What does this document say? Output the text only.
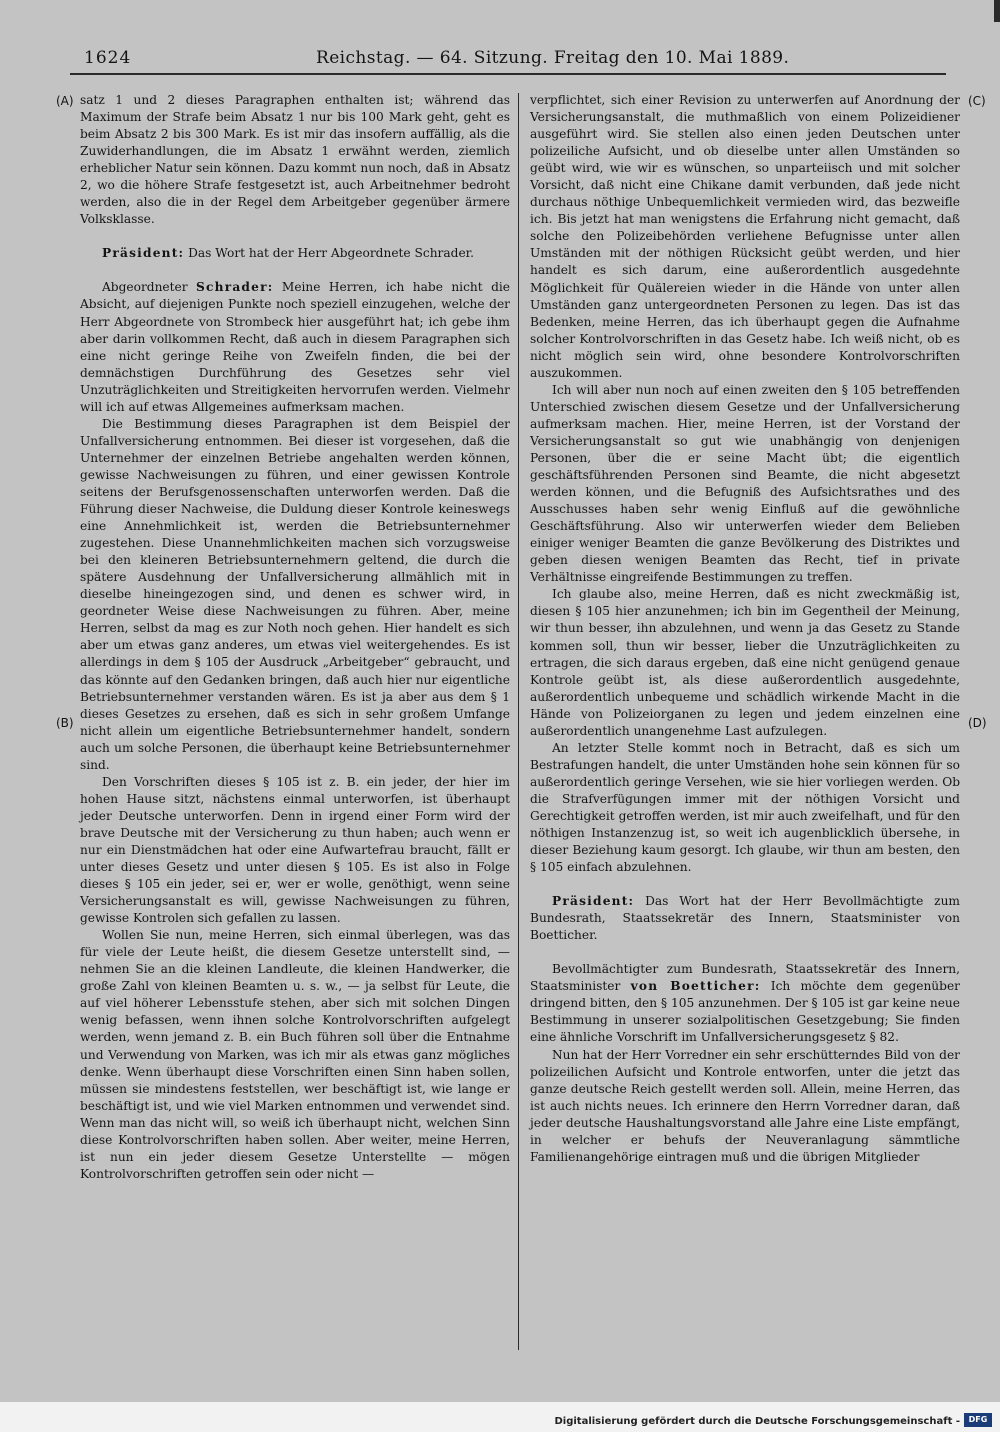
1624	Reichstag. — 64. Sitzung. Freitag den 10. Mai 1889.
(A)
(B)
(C)
(D)

satz 1 und 2 dieses Paragraphen enthalten ist; während das Maximum der Strafe beim Absatz 1 nur bis 100 Mark geht, geht es beim Absatz 2 bis 300 Mark. Es ist mir das insofern auffällig, als die Zuwiderhandlungen, die im Absatz 1 erwähnt werden, ziemlich erheblicher Natur sein können. Dazu kommt nun noch, daß in Absatz 2, wo die höhere Strafe festgesetzt ist, auch Arbeitnehmer bedroht werden, also die in der Regel dem Arbeitgeber gegenüber ärmere Volksklasse.

Präsident: Das Wort hat der Herr Abgeordnete Schrader.

Abgeordneter Schrader: Meine Herren, ich habe nicht die Absicht, auf diejenigen Punkte noch speziell einzugehen, welche der Herr Abgeordnete von Strombeck hier ausgeführt hat; ich gebe ihm aber darin vollkommen Recht, daß auch in diesem Paragraphen sich eine nicht geringe Reihe von Zweifeln finden, die bei der demnächstigen Durchführung des Gesetzes sehr viel Unzuträglichkeiten und Streitigkeiten hervorrufen werden. Vielmehr will ich auf etwas Allgemeines aufmerksam machen.

Die Bestimmung dieses Paragraphen ist dem Beispiel der Unfallversicherung entnommen. Bei dieser ist vorgesehen, daß die Unternehmer der einzelnen Betriebe angehalten werden können, gewisse Nachweisungen zu führen, und einer gewissen Kontrole seitens der Berufsgenossenschaften unterworfen werden. Daß die Führung dieser Nachweise, die Duldung dieser Kontrole keineswegs eine Annehmlichkeit ist, werden die Betriebsunternehmer zugestehen. Diese Unannehmlichkeiten machen sich vorzugsweise bei den kleineren Betriebsunternehmern geltend, die durch die spätere Ausdehnung der Unfallversicherung allmählich mit in dieselbe hineingezogen sind, und denen es schwer wird, in geordneter Weise diese Nachweisungen zu führen. Aber, meine Herren, selbst da mag es zur Noth noch gehen. Hier handelt es sich aber um etwas ganz anderes, um etwas viel weitergehendes. Es ist allerdings in dem § 105 der Ausdruck „Arbeitgeber“ gebraucht, und das könnte auf den Gedanken bringen, daß auch hier nur eigentliche Betriebsunternehmer verstanden wären. Es ist ja aber aus dem § 1 dieses Gesetzes zu ersehen, daß es sich in sehr großem Umfange nicht allein um eigentliche Betriebsunternehmer handelt, sondern auch um solche Personen, die überhaupt keine Betriebsunternehmer sind.

Den Vorschriften dieses § 105 ist z. B. ein jeder, der hier im hohen Hause sitzt, nächstens einmal unterworfen, ist überhaupt jeder Deutsche unterworfen. Denn in irgend einer Form wird der brave Deutsche mit der Versicherung zu thun haben; auch wenn er nur ein Dienstmädchen hat oder eine Aufwartefrau braucht, fällt er unter dieses Gesetz und unter diesen § 105. Es ist also in Folge dieses § 105 ein jeder, sei er, wer er wolle, genöthigt, wenn seine Versicherungsanstalt es will, gewisse Nachweisungen zu führen, gewisse Kontrolen sich gefallen zu lassen.

Wollen Sie nun, meine Herren, sich einmal überlegen, was das für viele der Leute heißt, die diesem Gesetze unterstellt sind, — nehmen Sie an die kleinen Landleute, die kleinen Handwerker, die große Zahl von kleinen Beamten u. s. w., — ja selbst für Leute, die auf viel höherer Lebensstufe stehen, aber sich mit solchen Dingen wenig befassen, wenn ihnen solche Kontrolvorschriften aufgelegt werden, wenn jemand z. B. ein Buch führen soll über die Entnahme und Verwendung von Marken, was ich mir als etwas ganz mögliches denke. Wenn überhaupt diese Vorschriften einen Sinn haben sollen, müssen sie mindestens feststellen, wer beschäftigt ist, wie lange er beschäftigt ist, und wie viel Marken entnommen und verwendet sind. Wenn man das nicht will, so weiß ich überhaupt nicht, welchen Sinn diese Kontrolvorschriften haben sollen. Aber weiter, meine Herren, ist nun ein jeder diesem Gesetze Unterstellte — mögen Kontrolvorschriften getroffen sein oder nicht —

verpflichtet, sich einer Revision zu unterwerfen auf Anordnung der Versicherungsanstalt, die muthmaßlich von einem Polizeidiener ausgeführt wird. Sie stellen also einen jeden Deutschen unter polizeiliche Aufsicht, und ob dieselbe unter allen Umständen so geübt wird, wie wir es wünschen, so unparteiisch und mit solcher Vorsicht, daß nicht eine Chikane damit verbunden, daß jede nicht durchaus nöthige Unbequemlichkeit vermieden wird, das bezweifle ich. Bis jetzt hat man wenigstens die Erfahrung nicht gemacht, daß solche den Polizeibehörden verliehene Befugnisse unter allen Umständen mit der nöthigen Rücksicht geübt werden, und hier handelt es sich darum, eine außerordentlich ausgedehnte Möglichkeit für Quälereien wieder in die Hände von unter allen Umständen ganz untergeordneten Personen zu legen. Das ist das Bedenken, meine Herren, das ich überhaupt gegen die Aufnahme solcher Kontrolvorschriften in das Gesetz habe. Ich weiß nicht, ob es nicht möglich sein wird, ohne besondere Kontrolvorschriften auszukommen.

Ich will aber nun noch auf einen zweiten den § 105 betreffenden Unterschied zwischen diesem Gesetze und der Unfallversicherung aufmerksam machen. Hier, meine Herren, ist der Vorstand der Versicherungsanstalt so gut wie unabhängig von denjenigen Personen, über die er seine Macht übt; die eigentlich geschäftsführenden Personen sind Beamte, die nicht abgesetzt werden können, und die Befugniß des Aufsichtsrathes und des Ausschusses haben sehr wenig Einfluß auf die gewöhnliche Geschäftsführung. Also wir unterwerfen wieder dem Belieben einiger weniger Beamten die ganze Bevölkerung des Distriktes und geben diesen wenigen Beamten das Recht, tief in private Verhältnisse eingreifende Bestimmungen zu treffen.

Ich glaube also, meine Herren, daß es nicht zweckmäßig ist, diesen § 105 hier anzunehmen; ich bin im Gegentheil der Meinung, wir thun besser, ihn abzulehnen, und wenn ja das Gesetz zu Stande kommen soll, thun wir besser, lieber die Unzuträglichkeiten zu ertragen, die sich daraus ergeben, daß eine nicht genügend genaue Kontrole geübt ist, als diese außerordentlich ausgedehnte, außerordentlich unbequeme und schädlich wirkende Macht in die Hände von Polizeiorganen zu legen und jedem einzelnen eine außerordentlich unangenehme Last aufzulegen.

An letzter Stelle kommt noch in Betracht, daß es sich um Bestrafungen handelt, die unter Umständen hohe sein können für so außerordentlich geringe Versehen, wie sie hier vorliegen werden. Ob die Strafverfügungen immer mit der nöthigen Vorsicht und Gerechtigkeit getroffen werden, ist mir auch zweifelhaft, und für den nöthigen Instanzenzug ist, so weit ich augenblicklich übersehe, in dieser Beziehung kaum gesorgt. Ich glaube, wir thun am besten, den § 105 einfach abzulehnen.

Präsident: Das Wort hat der Herr Bevollmächtigte zum Bundesrath, Staatssekretär des Innern, Staatsminister von Boetticher.

Bevollmächtigter zum Bundesrath, Staatssekretär des Innern, Staatsminister von Boetticher: Ich möchte dem gegenüber dringend bitten, den § 105 anzunehmen. Der § 105 ist gar keine neue Bestimmung in unserer sozialpolitischen Gesetzgebung; Sie finden eine ähnliche Vorschrift im Unfallversicherungsgesetz § 82.

Nun hat der Herr Vorredner ein sehr erschütterndes Bild von der polizeilichen Aufsicht und Kontrole entworfen, unter die jetzt das ganze deutsche Reich gestellt werden soll. Allein, meine Herren, das ist auch nichts neues. Ich erinnere den Herrn Vorredner daran, daß jeder deutsche Haushaltungsvorstand alle Jahre eine Liste empfängt, in welcher er behufs der Neuveranlagung sämmtliche Familienangehörige eintragen muß und die übrigen Mitglieder

Digitalisierung gefördert durch die Deutsche Forschungsgemeinschaft -	DFG
